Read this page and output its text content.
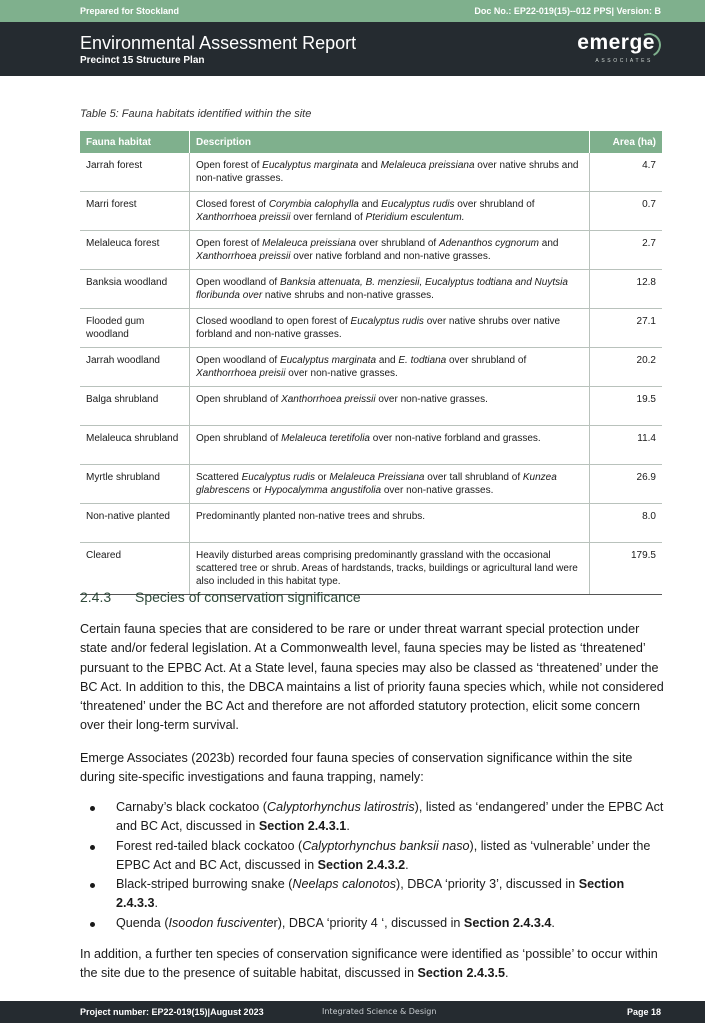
Prepared for Stockland	Doc No.: EP22-019(15)--012 PPS| Version: B
Environmental Assessment Report
Precinct 15 Structure Plan
emerge
ASSOCIATES
Table 5: Fauna habitats identified within the site
Fauna habitat	Description	Area (ha)
Jarrah forest	Open forest of Eucalyptus marginata and Melaleuca preissiana over native shrubs and non-native grasses.	4.7
Marri forest	Closed forest of Corymbia calophylla and Eucalyptus rudis over shrubland of Xanthorrhoea preissii over fernland of Pteridium esculentum.	0.7
Melaleuca forest	Open forest of Melaleuca preissiana over shrubland of Adenanthos cygnorum and Xanthorrhoea preissii over native forbland and non-native grasses.	2.7
Banksia woodland	Open woodland of Banksia attenuata, B. menziesii, Eucalyptus todtiana and Nuytsia floribunda over native shrubs and non-native grasses.	12.8
Flooded gum woodland	Closed woodland to open forest of Eucalyptus rudis over native shrubs over native forbland and non-native grasses.	27.1
Jarrah woodland	Open woodland of Eucalyptus marginata and E. todtiana over shrubland of Xanthorrhoea preisii over non-native grasses.	20.2
Balga shrubland	Open shrubland of Xanthorrhoea preissii over non-native grasses.	19.5
Melaleuca shrubland	Open shrubland of Melaleuca teretifolia over non-native forbland and grasses.	11.4
Myrtle shrubland	Scattered Eucalyptus rudis or Melaleuca Preissiana over tall shrubland of Kunzea glabrescens or Hypocalymma angustifolia over non-native grasses.	26.9
Non-native planted	Predominantly planted non-native trees and shrubs.	8.0
Cleared	Heavily disturbed areas comprising predominantly grassland with the occasional scattered tree or shrub. Areas of hardstands, tracks, buildings or agricultural land were also included in this habitat type.	179.5
2.4.3 Species of conservation significance
Certain fauna species that are considered to be rare or under threat warrant special protection under state and/or federal legislation. At a Commonwealth level, fauna species may be listed as ‘threatened’ pursuant to the EPBC Act. At a State level, fauna species may also be classed as ‘threatened’ under the BC Act. In addition to this, the DBCA maintains a list of priority fauna species which, while not considered ‘threatened’ under the BC Act and therefore are not afforded statutory protection, elicit some concern over their long-term survival.
Emerge Associates (2023b) recorded four fauna species of conservation significance within the site during site-specific investigations and fauna trapping, namely:
Carnaby’s black cockatoo (Calyptorhynchus latirostris), listed as ‘endangered’ under the EPBC Act and BC Act, discussed in Section 2.4.3.1.
Forest red-tailed black cockatoo (Calyptorhynchus banksii naso), listed as ‘vulnerable’ under the EPBC Act and BC Act, discussed in Section 2.4.3.2.
Black-striped burrowing snake (Neelaps calonotos), DBCA ‘priority 3’, discussed in Section 2.4.3.3.
Quenda (Isoodon fusciventer), DBCA ‘priority 4 ‘, discussed in Section 2.4.3.4.
In addition, a further ten species of conservation significance were identified as ‘possible’ to occur within the site due to the presence of suitable habitat, discussed in Section 2.4.3.5.
Project number: EP22-019(15)|August 2023	Integrated Science & Design	Page 18
